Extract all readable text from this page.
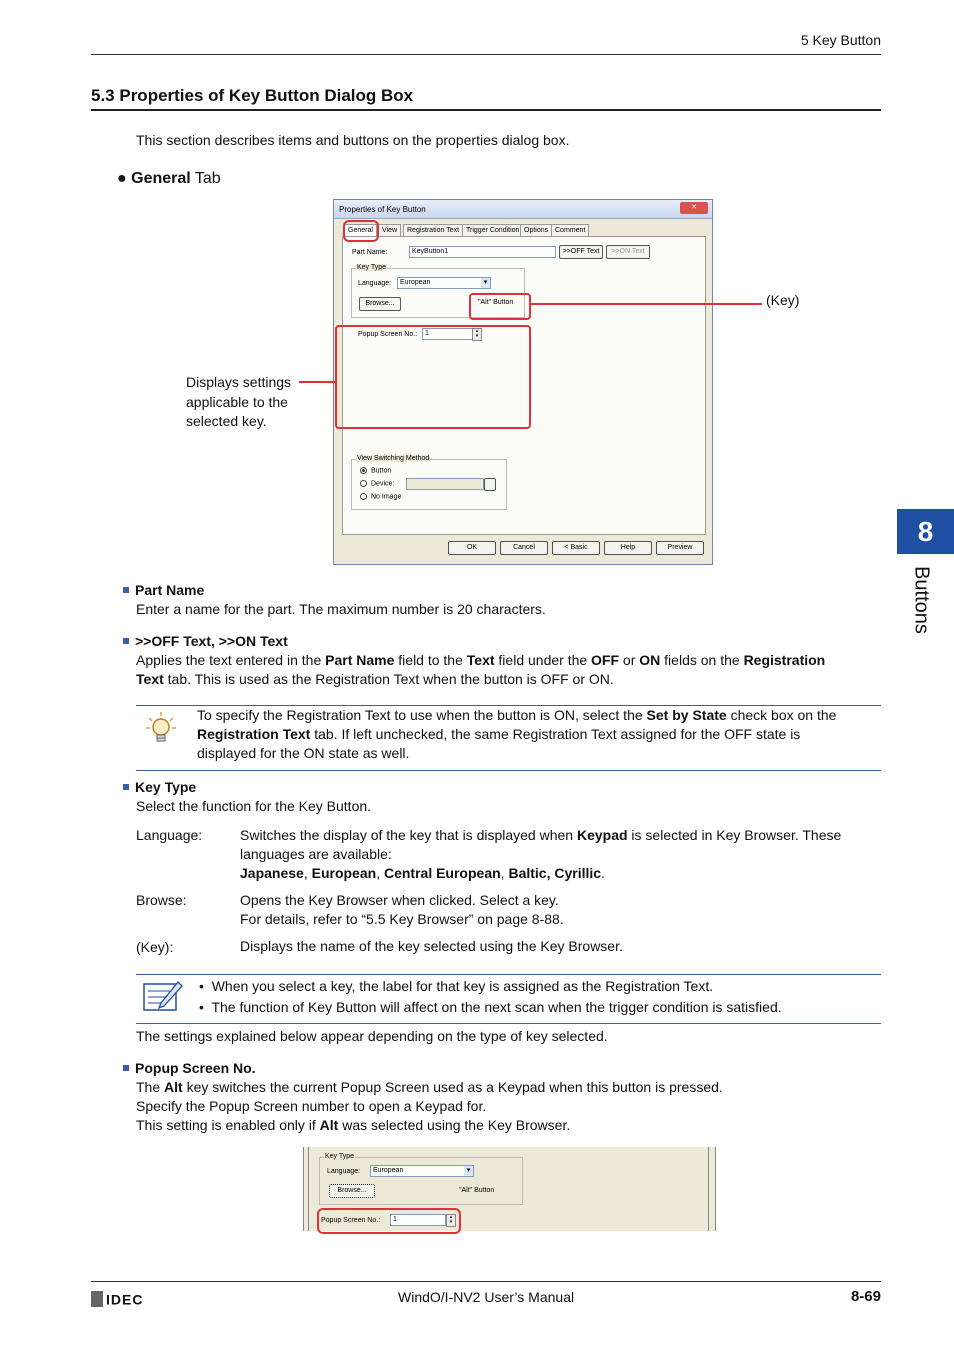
5 Key Button
5.3 Properties of Key Button Dialog Box
This section describes items and buttons on the properties dialog box.
● General Tab
Properties of Key Button	✕
General	View	Registration Text Trigger Condition Options Comment
Part Name:	KeyButton1	>>OFF Text	>>ON Text
Key Type
Language:	European	▾
Browse...	"Alt" Button
Popup Screen No.:	1	▴
▾
View Switching Method
Button
Device:
No Image
OK	Cancel	< Basic	Help	Preview
(Key)
Displays settings
applicable to the
selected key.
Part Name
Enter a name for the part. The maximum number is 20 characters.
>>OFF Text, >>ON Text
Applies the text entered in the Part Name field to the Text field under the OFF or ON fields on the Registration
Text tab. This is used as the Registration Text when the button is OFF or ON.
To specify the Registration Text to use when the button is ON, select the Set by State check box on the
Registration Text tab. If left unchecked, the same Registration Text assigned for the OFF state is
displayed for the ON state as well.
Key Type
Select the function for the Key Button.
Language:	Switches the display of the key that is displayed when Keypad is selected in Key Browser. These
languages are available:
Japanese, European, Central European, Baltic, Cyrillic.
Browse:	Opens the Key Browser when clicked. Select a key.
For details, refer to “5.5 Key Browser” on page 8-88.
(Key):	Displays the name of the key selected using the Key Browser.
•  When you select a key, the label for that key is assigned as the Registration Text.
•  The function of Key Button will affect on the next scan when the trigger condition is satisfied.
The settings explained below appear depending on the type of key selected.
Popup Screen No.
The Alt key switches the current Popup Screen used as a Keypad when this button is pressed.
Specify the Popup Screen number to open a Keypad for.
This setting is enabled only if Alt was selected using the Key Browser.
Key Type
Language:	European	▾
Browse...	"Alt" Button
Popup Screen No.:	1	▴
▾
8
Buttons
IDEC	WindO/I-NV2 User’s Manual	8-69
